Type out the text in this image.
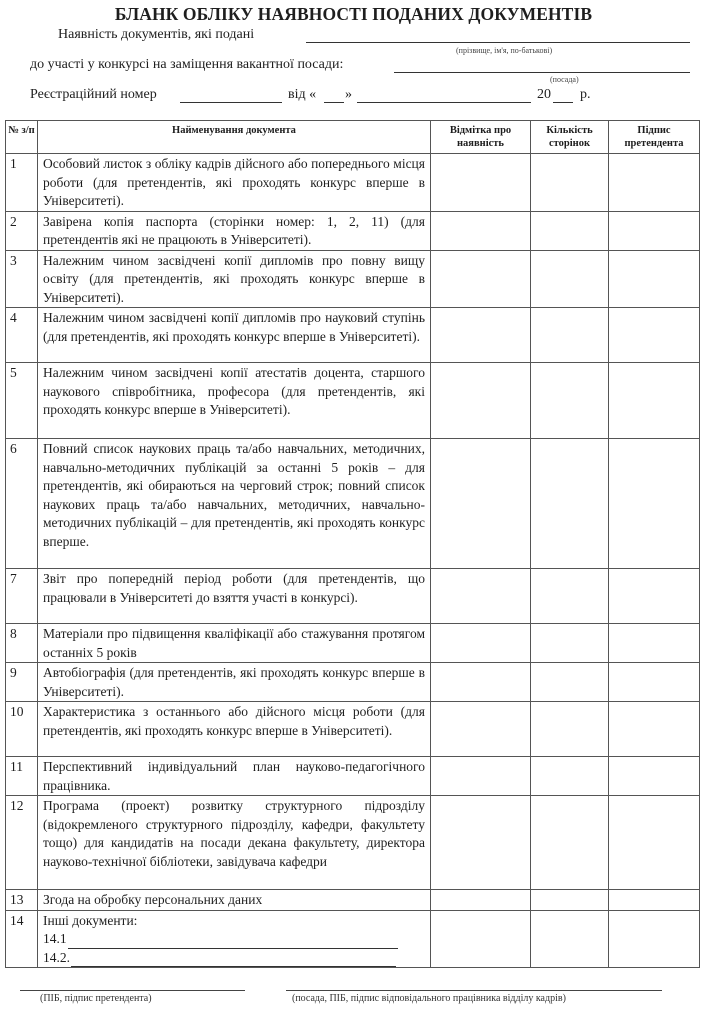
БЛАНК ОБЛІКУ НАЯВНОСТІ ПОДАНИХ ДОКУМЕНТІВ
Наявність документів, які подані
(прізвище, ім'я, по-батькові)
до участі у конкурсі на заміщення вакантної посади:
(посада)
Реєстраційний номер	від « »	20 р.
№ з/п	Найменування документа	Відмітка про наявність	Кількість сторінок	Підпис претендента
1	Особовий листок з обліку кадрів дійсного або попереднього місця роботи (для претендентів, які проходять конкурс вперше в Університеті).			

2	Завірена копія паспорта (сторінки номер: 1, 2, 11) (для претендентів які не працюють в Університеті).			

3	Належним чином засвідчені копії дипломів про повну вищу освіту (для претендентів, які проходять конкурс вперше в Університеті).			

4	Належним чином засвідчені копії дипломів про науковий ступінь (для претендентів, які проходять конкурс вперше в Університеті).			

5	Належним чином засвідчені копії атестатів доцента, старшого наукового співробітника, професора (для претендентів, які проходять конкурс вперше в Університеті).			

6	Повний список наукових праць та/або навчальних, методичних, навчально-методичних публікацій за останні 5 років – для претендентів, які обираються на черговий строк; повний список наукових праць та/або навчальних, методичних, навчально-методичних публікацій – для претендентів, які проходять конкурс вперше.			

7	Звіт про попередній період роботи (для претендентів, що працювали в Університеті до взяття участі в конкурсі).			

8	Матеріали про підвищення кваліфікації або стажування протягом останніх 5 років			

9	Автобіографія (для претендентів, які проходять конкурс вперше в Університеті).			

10	Характеристика з останнього або дійсного місця роботи (для претендентів, які проходять конкурс вперше в Університеті).			

11	Перспективний індивідуальний план науково-педагогічного працівника.			

12	Програма (проект) розвитку структурного підрозділу (відокремленого структурного підрозділу, кафедри, факультету тощо) для кандидатів на посади декана факультету, директора науково-технічної бібліотеки, завідувача кафедри			

13	Згода на обробку персональних даних			

14	Інші документи:
14.1
14.2.			

(ПІБ, підпис претендента)	(посада, ПІБ, підпис відповідального працівника відділу кадрів)
